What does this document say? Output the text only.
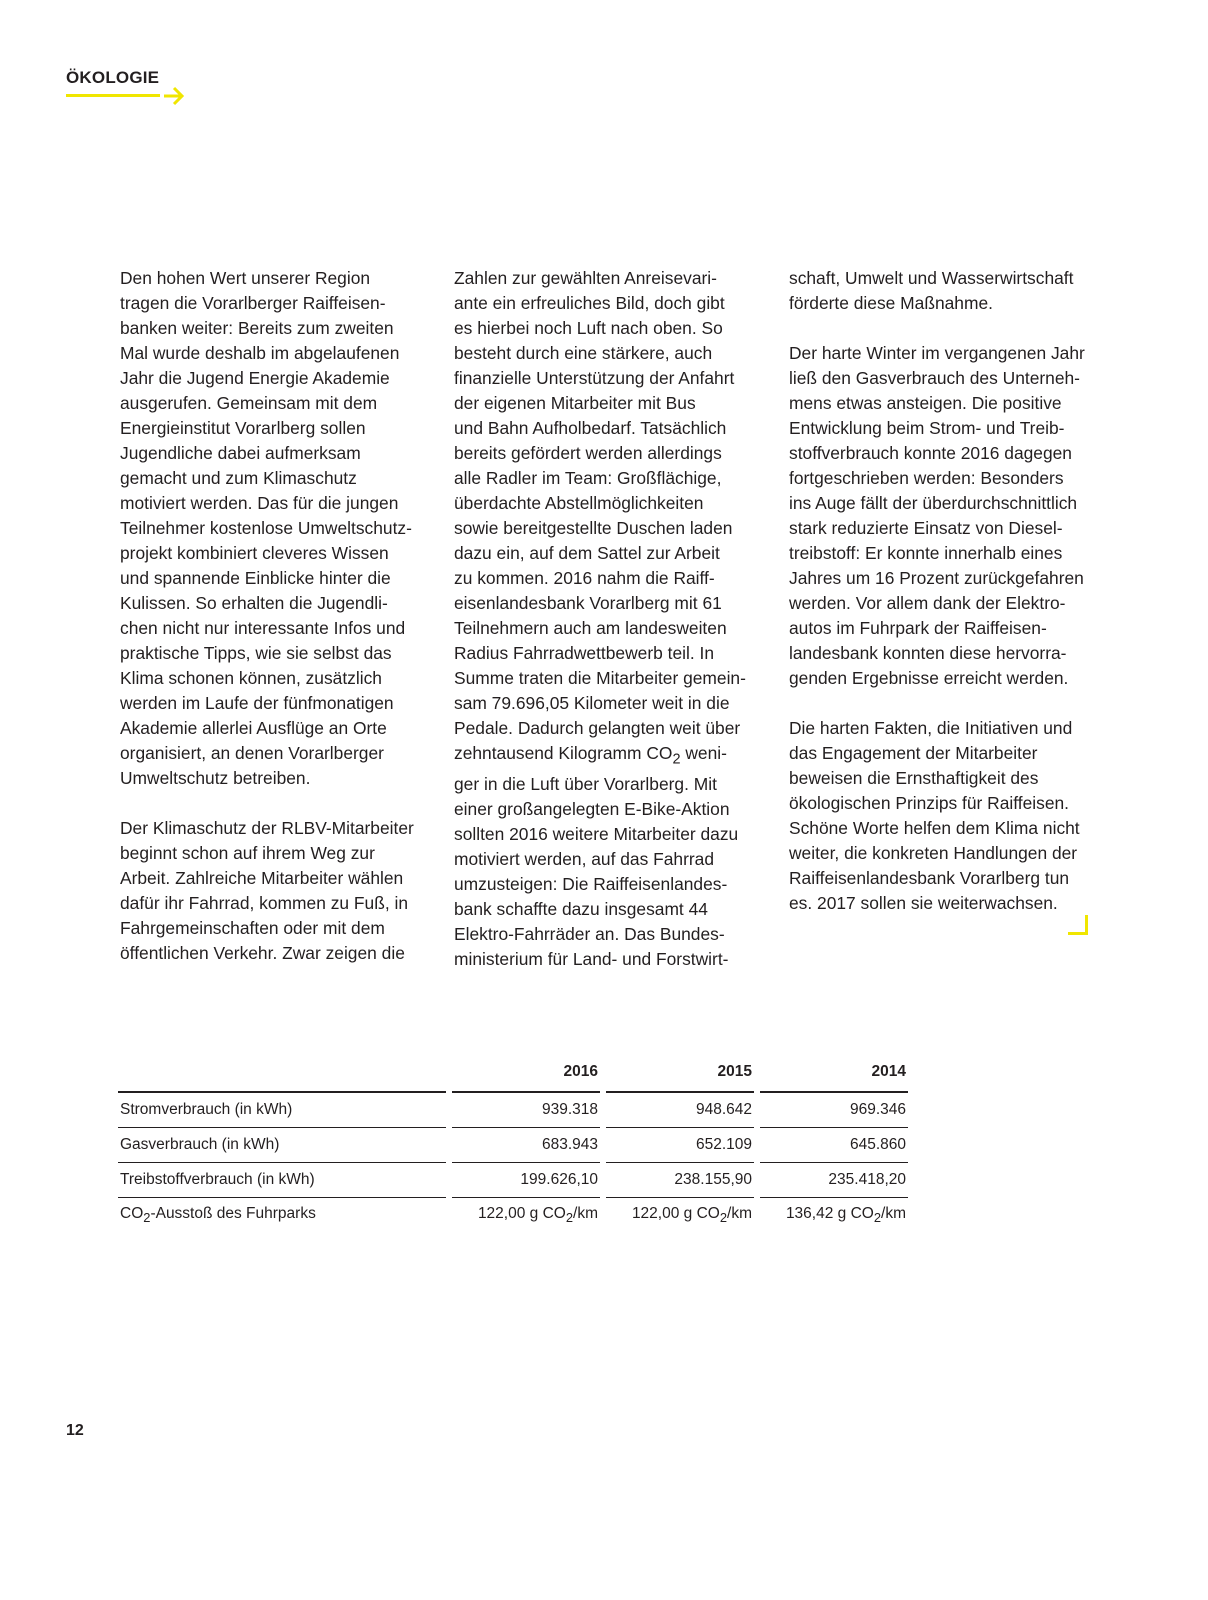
ÖKOLOGIE

Den hohen Wert unserer Region
tragen die Vorarlberger Raiffeisen-
banken weiter: Bereits zum zweiten
Mal wurde deshalb im abgelaufenen
Jahr die Jugend Energie Akademie
ausgerufen. Gemeinsam mit dem
Energieinstitut Vorarlberg sollen
Jugendliche dabei aufmerksam
gemacht und zum Klimaschutz
motiviert werden. Das für die jungen
Teilnehmer kostenlose Umweltschutz-
projekt kombiniert cleveres Wissen
und spannende Einblicke hinter die
Kulissen. So erhalten die Jugendli-
chen nicht nur interessante Infos und
praktische Tipps, wie sie selbst das
Klima schonen können, zusätzlich
werden im Laufe der fünfmonatigen
Akademie allerlei Ausflüge an Orte
organisiert, an denen Vorarlberger
Umweltschutz betreiben.

Der Klimaschutz der RLBV-Mitarbeiter
beginnt schon auf ihrem Weg zur
Arbeit. Zahlreiche Mitarbeiter wählen
dafür ihr Fahrrad, kommen zu Fuß, in
Fahrgemeinschaften oder mit dem
öffentlichen Verkehr. Zwar zeigen die

Zahlen zur gewählten Anreisevari-
ante ein erfreuliches Bild, doch gibt
es hierbei noch Luft nach oben. So
besteht durch eine stärkere, auch
finanzielle Unterstützung der Anfahrt
der eigenen Mitarbeiter mit Bus
und Bahn Aufholbedarf. Tatsächlich
bereits gefördert werden allerdings
alle Radler im Team: Großflächige,
überdachte Abstellmöglichkeiten
sowie bereitgestellte Duschen laden
dazu ein, auf dem Sattel zur Arbeit
zu kommen. 2016 nahm die Raiff-
eisenlandesbank Vorarlberg mit 61
Teilnehmern auch am landesweiten
Radius Fahrradwettbewerb teil. In
Summe traten die Mitarbeiter gemein-
sam 79.696,05 Kilometer weit in die
Pedale. Dadurch gelangten weit über
zehntausend Kilogramm $CO_2$ weni-
ger in die Luft über Vorarlberg. Mit
einer großangelegten E-Bike-Aktion
sollten 2016 weitere Mitarbeiter dazu
motiviert werden, auf das Fahrrad
umzusteigen: Die Raiffeisenlandes-
bank schaffte dazu insgesamt 44
Elektro-Fahrräder an. Das Bundes-
ministerium für Land- und Forstwirt-

schaft, Umwelt und Wasserwirtschaft
förderte diese Maßnahme.

Der harte Winter im vergangenen Jahr
ließ den Gasverbrauch des Unterneh-
mens etwas ansteigen. Die positive
Entwicklung beim Strom- und Treib-
stoffverbrauch konnte 2016 dagegen
fortgeschrieben werden: Besonders
ins Auge fällt der überdurchschnittlich
stark reduzierte Einsatz von Diesel-
treibstoff: Er konnte innerhalb eines
Jahres um 16 Prozent zurückgefahren
werden. Vor allem dank der Elektro-
autos im Fuhrpark der Raiffeisen-
landesbank konnten diese hervorra-
genden Ergebnisse erreicht werden.

Die harten Fakten, die Initiativen und
das Engagement der Mitarbeiter
beweisen die Ernsthaftigkeit des
ökologischen Prinzips für Raiffeisen.
Schöne Worte helfen dem Klima nicht
weiter, die konkreten Handlungen der
Raiffeisenlandesbank Vorarlberg tun
es. 2017 sollen sie weiterwachsen.

		2016		2015		2014
Stromverbrauch (in kWh)		939.318		948.642		969.346
Gasverbrauch (in kWh)		683.943		652.109		645.860
Treibstoffverbrauch (in kWh)		199.626,10		238.155,90		235.418,20
$CO_2$-Ausstoß des Fuhrparks		122,00 g $CO_2/km$		122,00 g $CO_2/km$		136,42 g $CO_2/km$
12
